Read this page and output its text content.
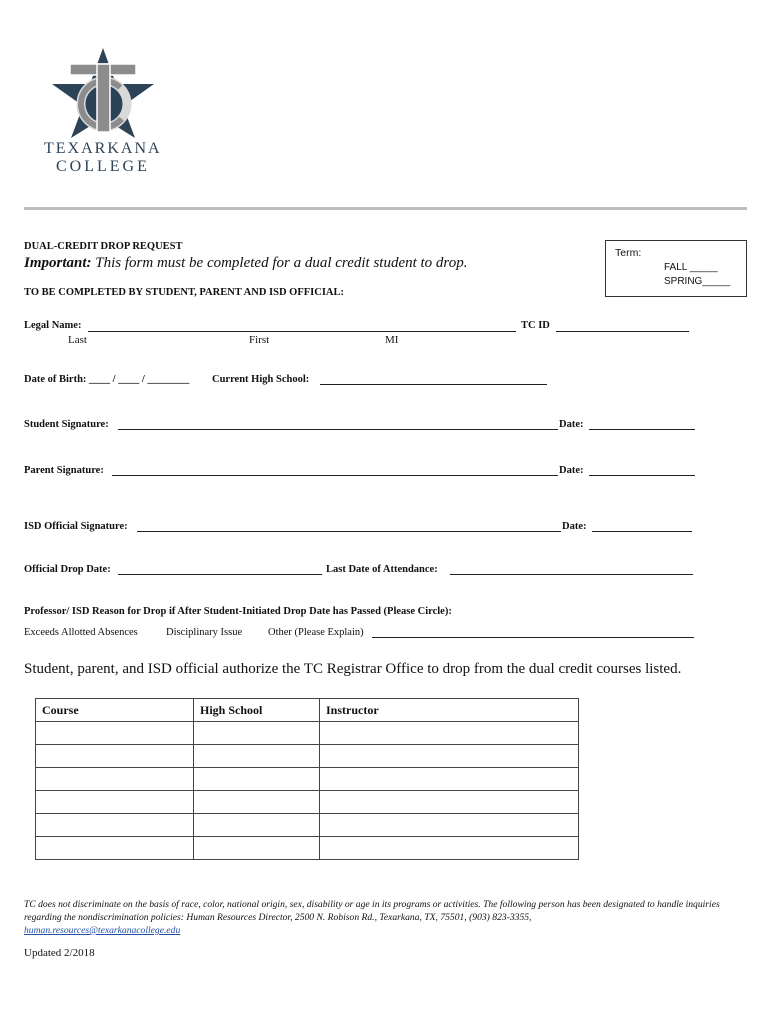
TEXARKANA
COLLEGE
DUAL-CREDIT DROP REQUEST
Important: This form must be completed for a dual credit student to drop.
TO BE COMPLETED BY STUDENT, PARENT AND ISD OFFICIAL:
Term:
FALL _____
SPRING_____
Legal Name:	TC ID
Last	First	MI
Date of Birth: ____ / ____ / ________ Current High School:
Student Signature:	Date:
Parent Signature:	Date:
ISD Official Signature:	Date:
Official Drop Date:	Last Date of Attendance:
Professor/ ISD Reason for Drop if After Student-Initiated Drop Date has Passed (Please Circle):
Exceeds Allotted Absences	Disciplinary Issue Other (Please Explain)
Student, parent, and ISD official authorize the TC Registrar Office to drop from the dual credit courses listed.
Course	High School	Instructor

TC does not discriminate on the basis of race, color, national origin, sex, disability or age in its programs or activities. The following person has been designated to handle inquiries regarding the nondiscrimination policies: Human Resources Director, 2500 N. Robison Rd., Texarkana, TX, 75501, (903) 823-3355,
human.resources@texarkanacollege.edu
Updated 2/2018
